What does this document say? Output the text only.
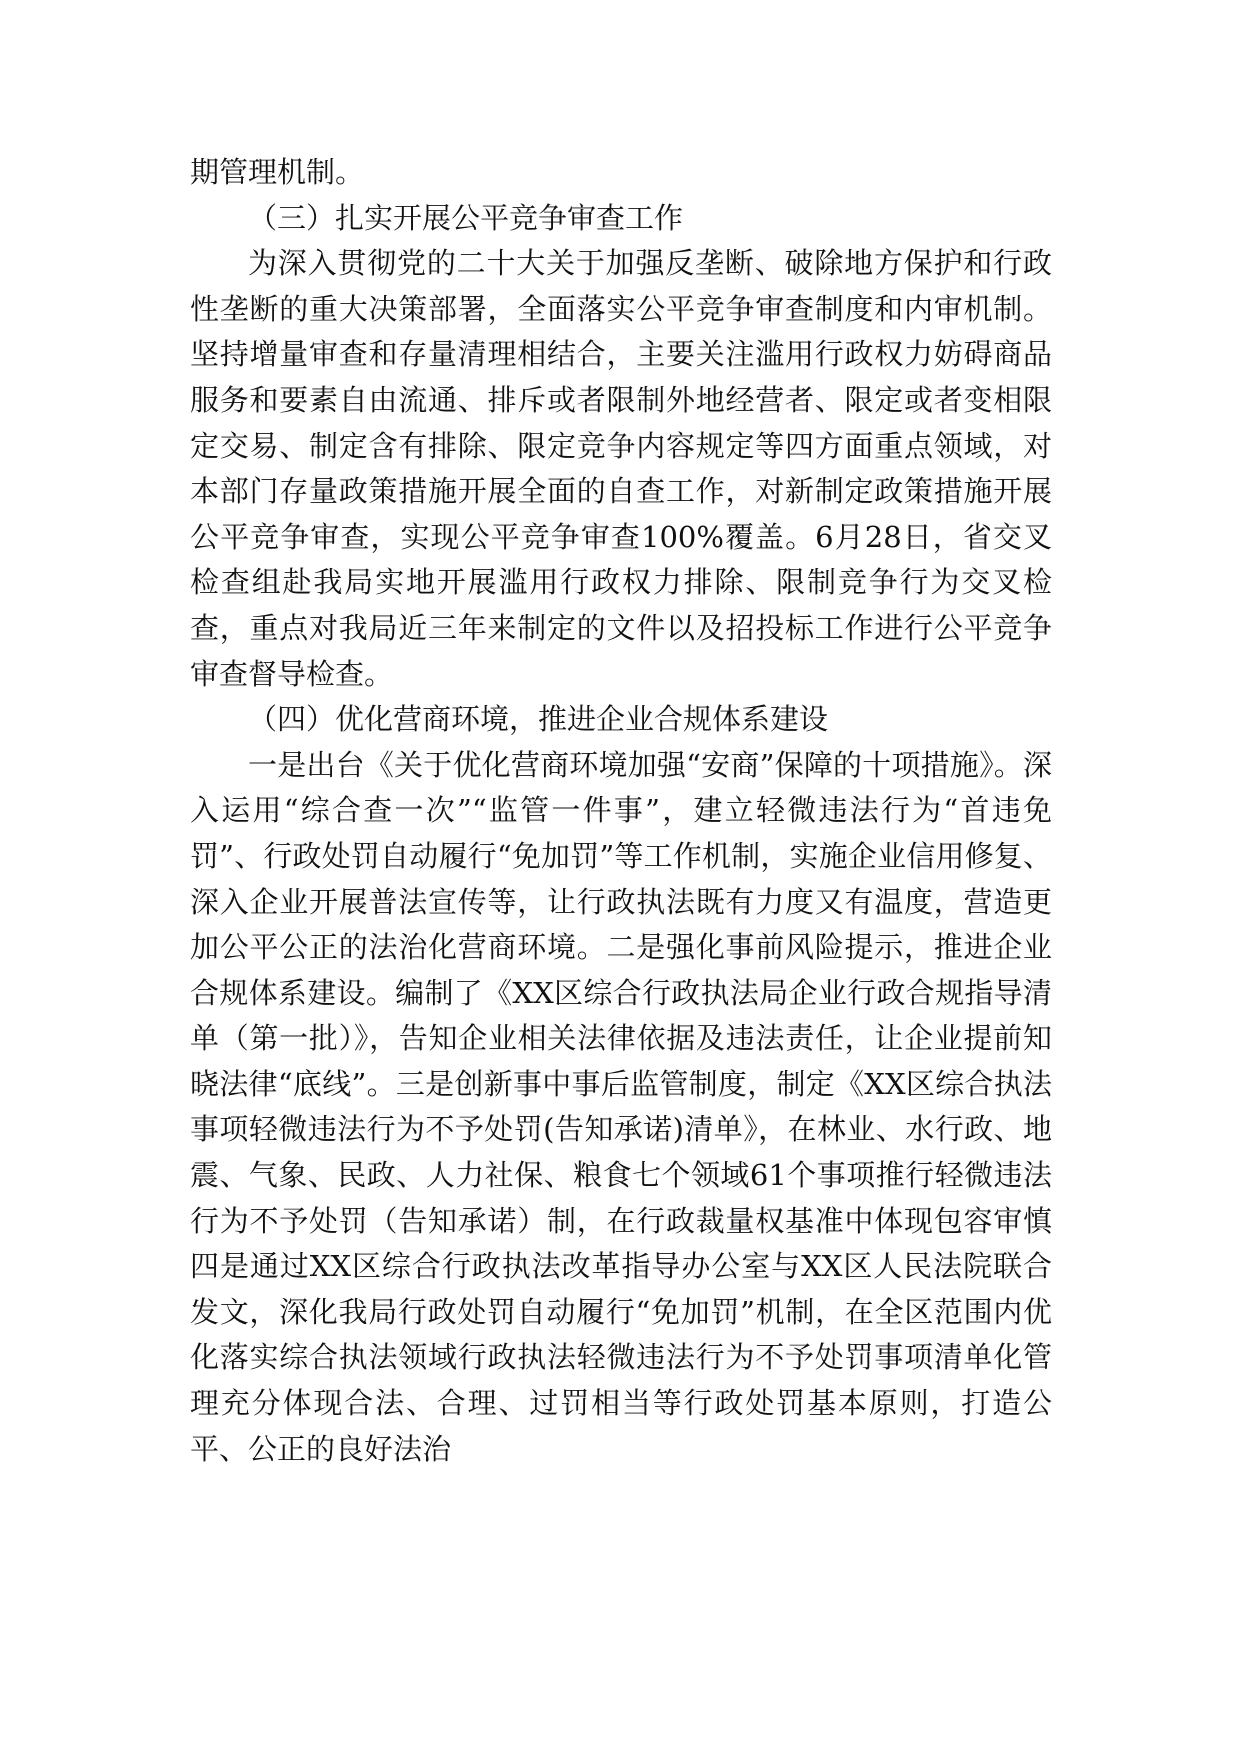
期管理机制。

（三）扎实开展公平竞争审查工作

为深入贯彻党的二十大关于加强反垄断、破除地方保护和行政性垄断的重大决策部署，全面落实公平竞争审查制度和内审机制。坚持增量审查和存量清理相结合，主要关注滥用行政权力妨碍商品服务和要素自由流通、排斥或者限制外地经营者、限定或者变相限定交易、制定含有排除、限定竞争内容规定等四方面重点领域，对本部门存量政策措施开展全面的自查工作，对新制定政策措施开展公平竞争审查，实现公平竞争审查100%覆盖。6月28日，省交叉检查组赴我局实地开展滥用行政权力排除、限制竞争行为交叉检查，重点对我局近三年来制定的文件以及招投标工作进行公平竞争审查督导检查。

（四）优化营商环境，推进企业合规体系建设

一是出台《关于优化营商环境加强“安商”保障的十项措施》。深入运用“综合查一次”“监管一件事”，建立轻微违法行为“首违免罚”、行政处罚自动履行“免加罚”等工作机制，实施企业信用修复、深入企业开展普法宣传等，让行政执法既有力度又有温度，营造更加公平公正的法治化营商环境。二是强化事前风险提示，推进企业合规体系建设。编制了《XX区综合行政执法局企业行政合规指导清单（第一批）》，告知企业相关法律依据及违法责任，让企业提前知晓法律“底线”。三是创新事中事后监管制度，制定《XX区综合执法事项轻微违法行为不予处罚(告知承诺)清单》，在林业、水行政、地震、气象、民政、人力社保、粮食七个领域61个事项推行轻微违法行为不予处罚（告知承诺）制，在行政裁量权基准中体现包容审慎四是通过XX区综合行政执法改革指导办公室与XX区人民法院联合发文，深化我局行政处罚自动履行“免加罚”机制，在全区范围内优化落实综合执法领域行政执法轻微违法行为不予处罚事项清单化管理充分体现合法、合理、过罚相当等行政处罚基本原则，打造公平、公正的良好法治
